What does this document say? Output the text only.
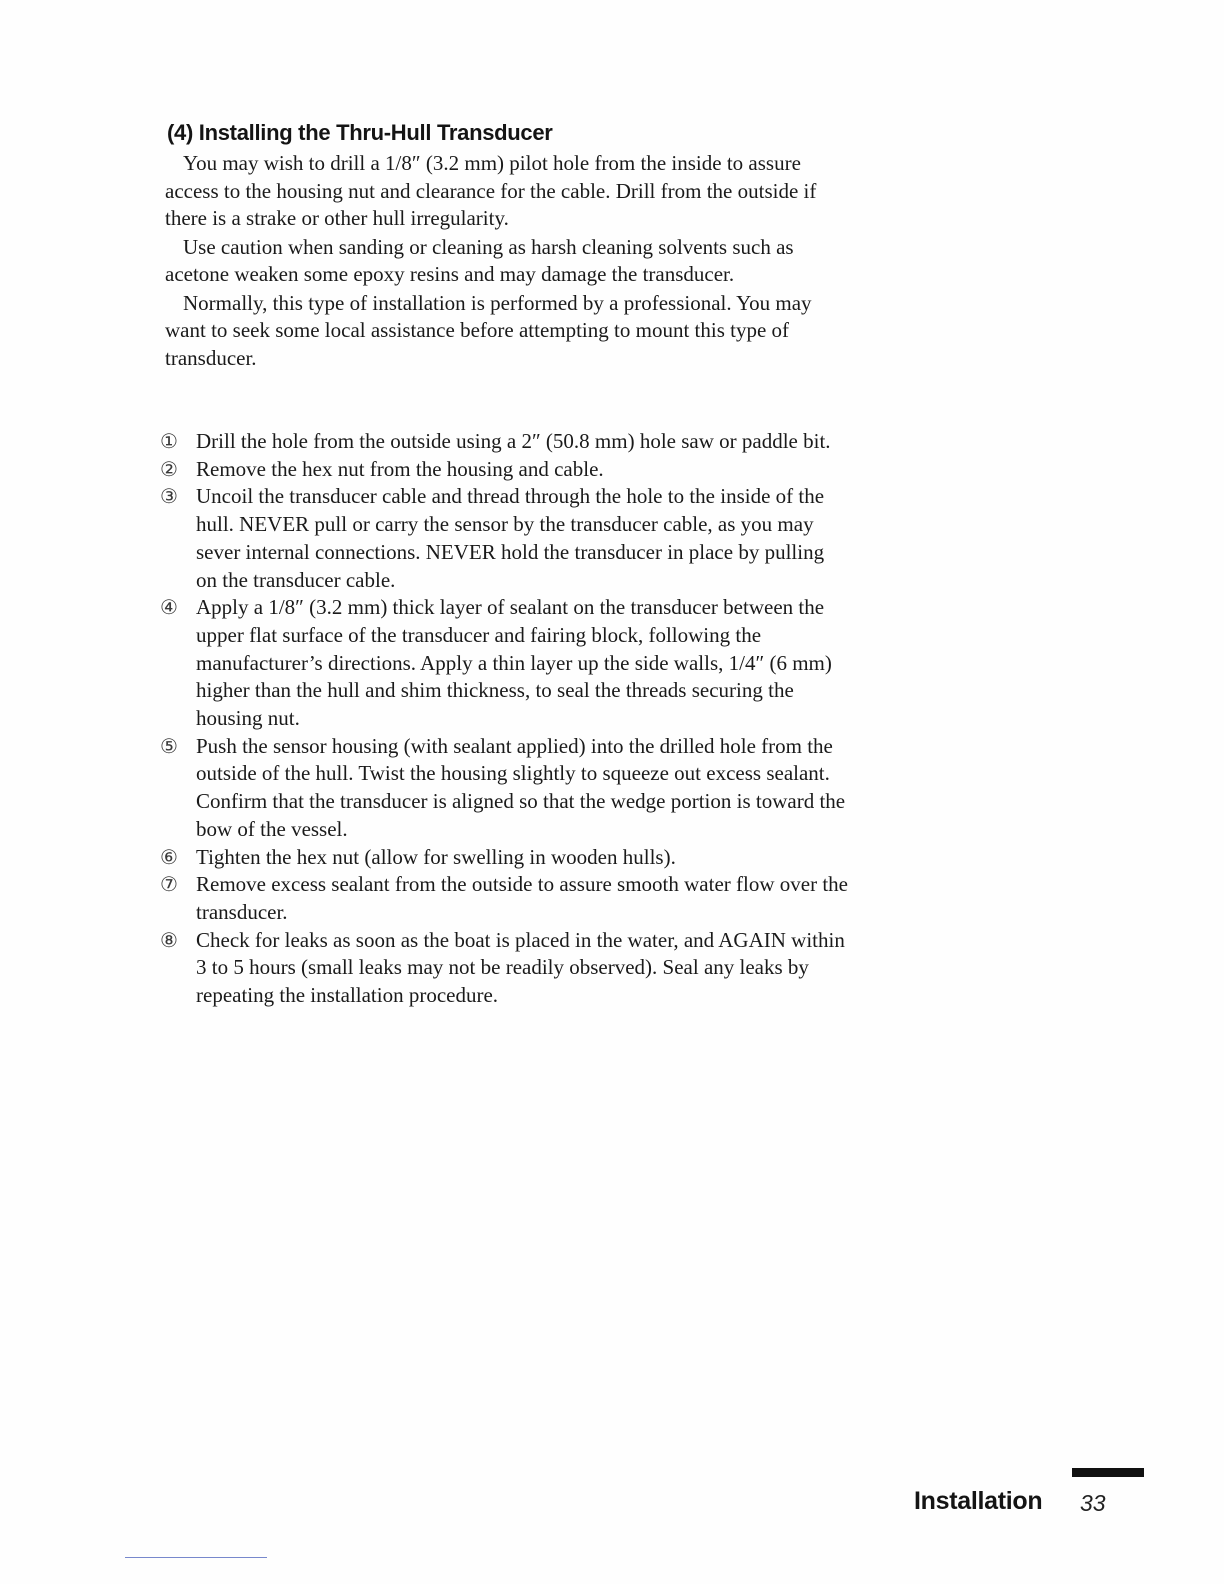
(4) Installing the Thru-Hull Transducer

You may wish to drill a 1/8″ (3.2 mm) pilot hole from the inside to assure access to the housing nut and clearance for the cable. Drill from the outside if there is a strake or other hull irregularity.

Use caution when sanding or cleaning as harsh cleaning solvents such as acetone weaken some epoxy resins and may damage the transducer.

Normally, this type of installation is performed by a professional. You may want to seek some local assistance before attempting to mount this type of transducer.

① Drill the hole from the outside using a 2″ (50.8 mm) hole saw or paddle bit.
② Remove the hex nut from the housing and cable.
③ Uncoil the transducer cable and thread through the hole to the inside of the hull. NEVER pull or carry the sensor by the transducer cable, as you may sever internal connections. NEVER hold the transducer in place by pulling on the transducer cable.
④ Apply a 1/8″ (3.2 mm) thick layer of sealant on the transducer between the upper flat surface of the transducer and fairing block, following the manufacturer’s directions. Apply a thin layer up the side walls, 1/4″ (6 mm) higher than the hull and shim thickness, to seal the threads securing the housing nut.
⑤ Push the sensor housing (with sealant applied) into the drilled hole from the outside of the hull. Twist the housing slightly to squeeze out excess sealant. Confirm that the transducer is aligned so that the wedge portion is toward the bow of the vessel.
⑥ Tighten the hex nut (allow for swelling in wooden hulls).
⑦ Remove excess sealant from the outside to assure smooth water flow over the transducer.
⑧ Check for leaks as soon as the boat is placed in the water, and AGAIN within 3 to 5 hours (small leaks may not be readily observed). Seal any leaks by repeating the installation procedure.
Installation 33
